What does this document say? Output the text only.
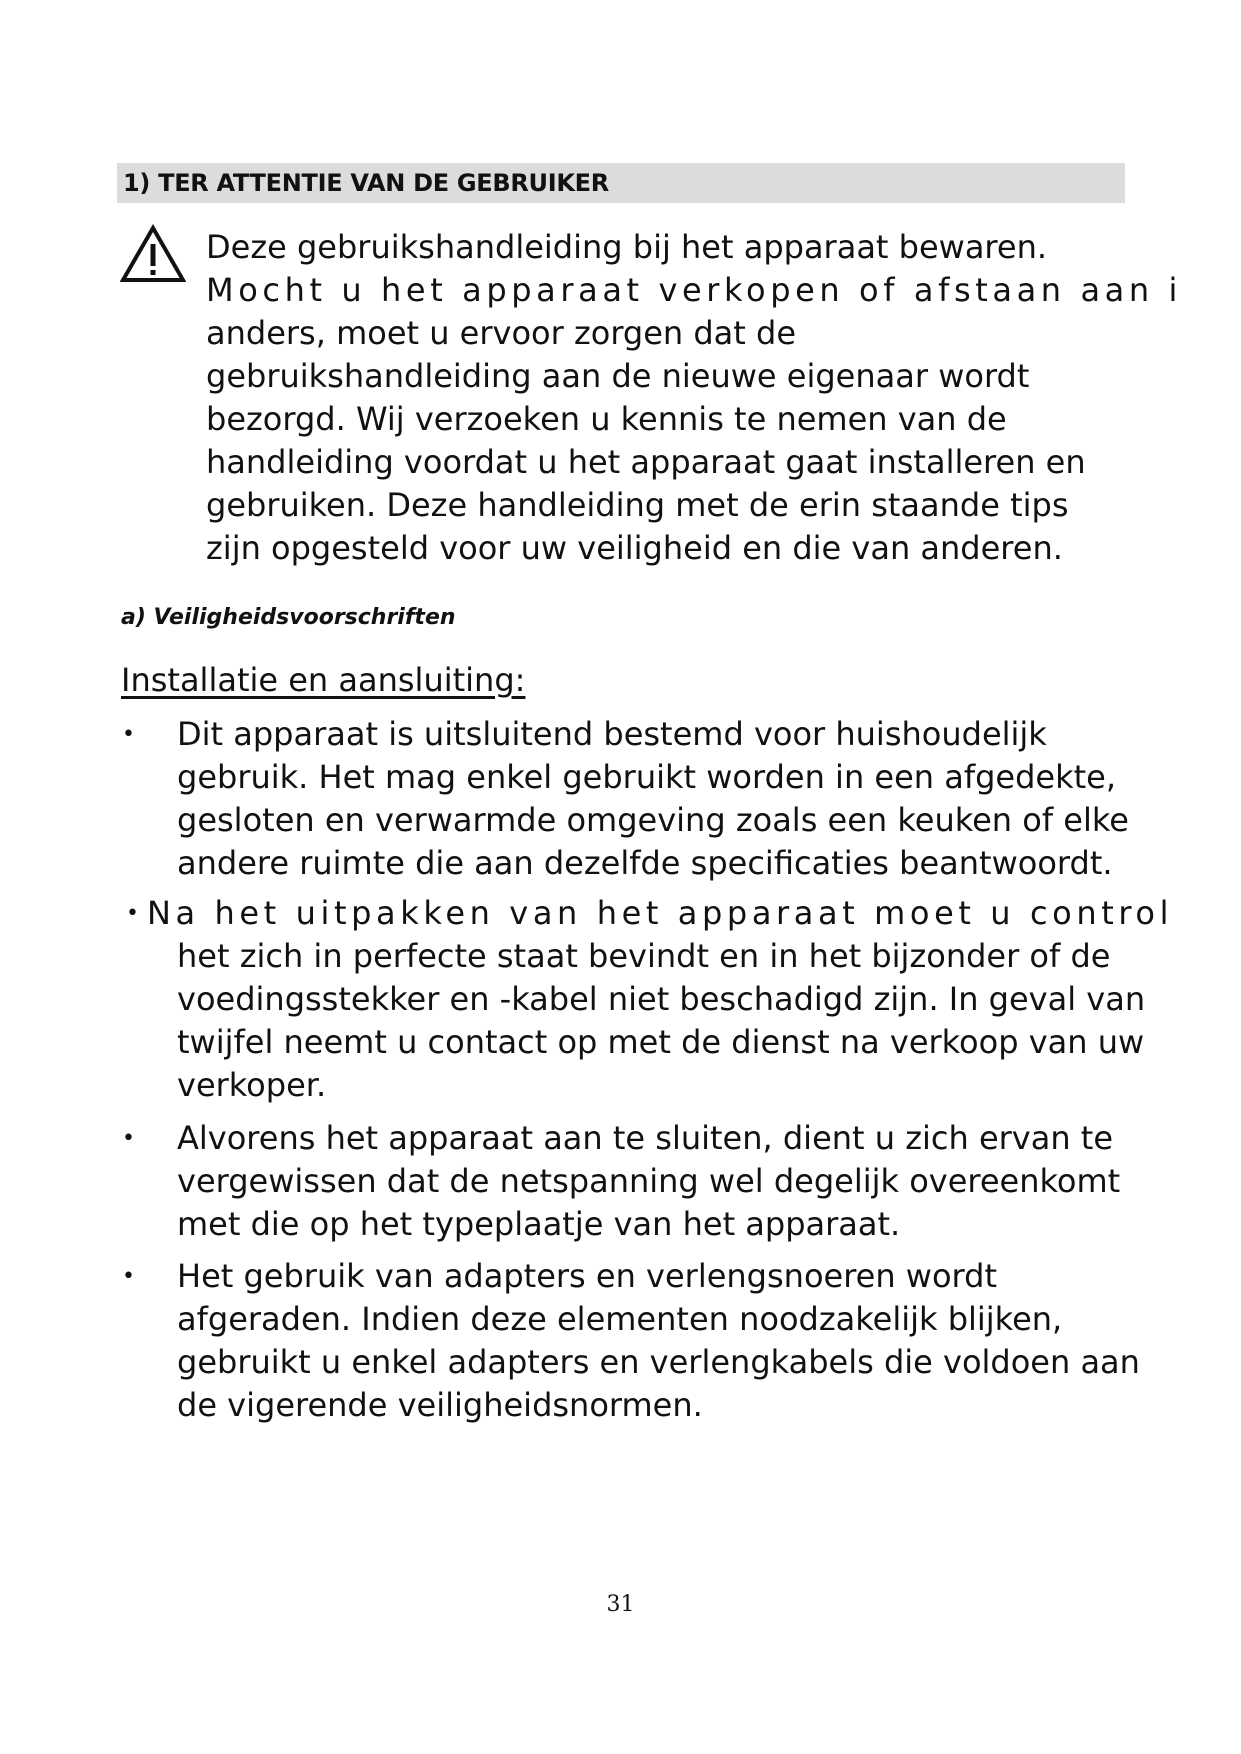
1) TER ATTENTIE VAN DE GEBRUIKER
Deze gebruikshandleiding bij het apparaat bewaren.
Mocht u het apparaat verkopen of afstaan aan i
anders, moet u ervoor zorgen dat de
gebruikshandleiding aan de nieuwe eigenaar wordt
bezorgd. Wij verzoeken u kennis te nemen van de
handleiding voordat u het apparaat gaat installeren en
gebruiken. Deze handleiding met de erin staande tips
zijn opgesteld voor uw veiligheid en die van anderen.
a) Veiligheidsvoorschriften
Installatie en aansluiting:
• Dit apparaat is uitsluitend bestemd voor huishoudelijk
gebruik. Het mag enkel gebruikt worden in een afgedekte,
gesloten en verwarmde omgeving zoals een keuken of elke
andere ruimte die aan dezelfde specificaties beantwoordt.
• Na het uitpakken van het apparaat moet u control
het zich in perfecte staat bevindt en in het bijzonder of de
voedingsstekker en -kabel niet beschadigd zijn. In geval van
twijfel neemt u contact op met de dienst na verkoop van uw
verkoper.
• Alvorens het apparaat aan te sluiten, dient u zich ervan te
vergewissen dat de netspanning wel degelijk overeenkomt
met die op het typeplaatje van het apparaat.
• Het gebruik van adapters en verlengsnoeren wordt
afgeraden. Indien deze elementen noodzakelijk blijken,
gebruikt u enkel adapters en verlengkabels die voldoen aan
de vigerende veiligheidsnormen.
31
